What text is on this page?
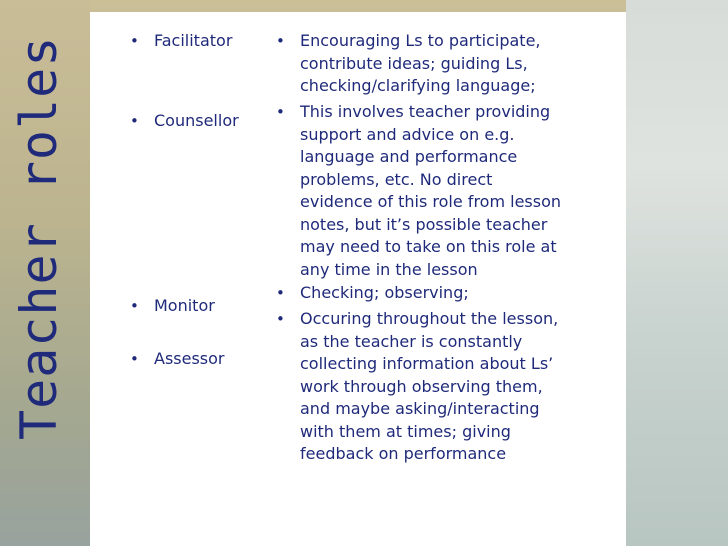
Teacher roles	• Facilitator
• Counsellor
• Monitor
• Assessor
• Encouraging Ls to participate,
contribute ideas; guiding Ls,
checking/clarifying language;
• This involves teacher providing
support and advice on e.g.
language and performance
problems, etc. No direct
evidence of this role from lesson
notes, but it’s possible teacher
may need to take on this role at
any time in the lesson
• Checking; observing;
• Occuring throughout the lesson,
as the teacher is constantly
collecting information about Ls’
work through observing them,
and maybe asking/interacting
with them at times; giving
feedback on performance
